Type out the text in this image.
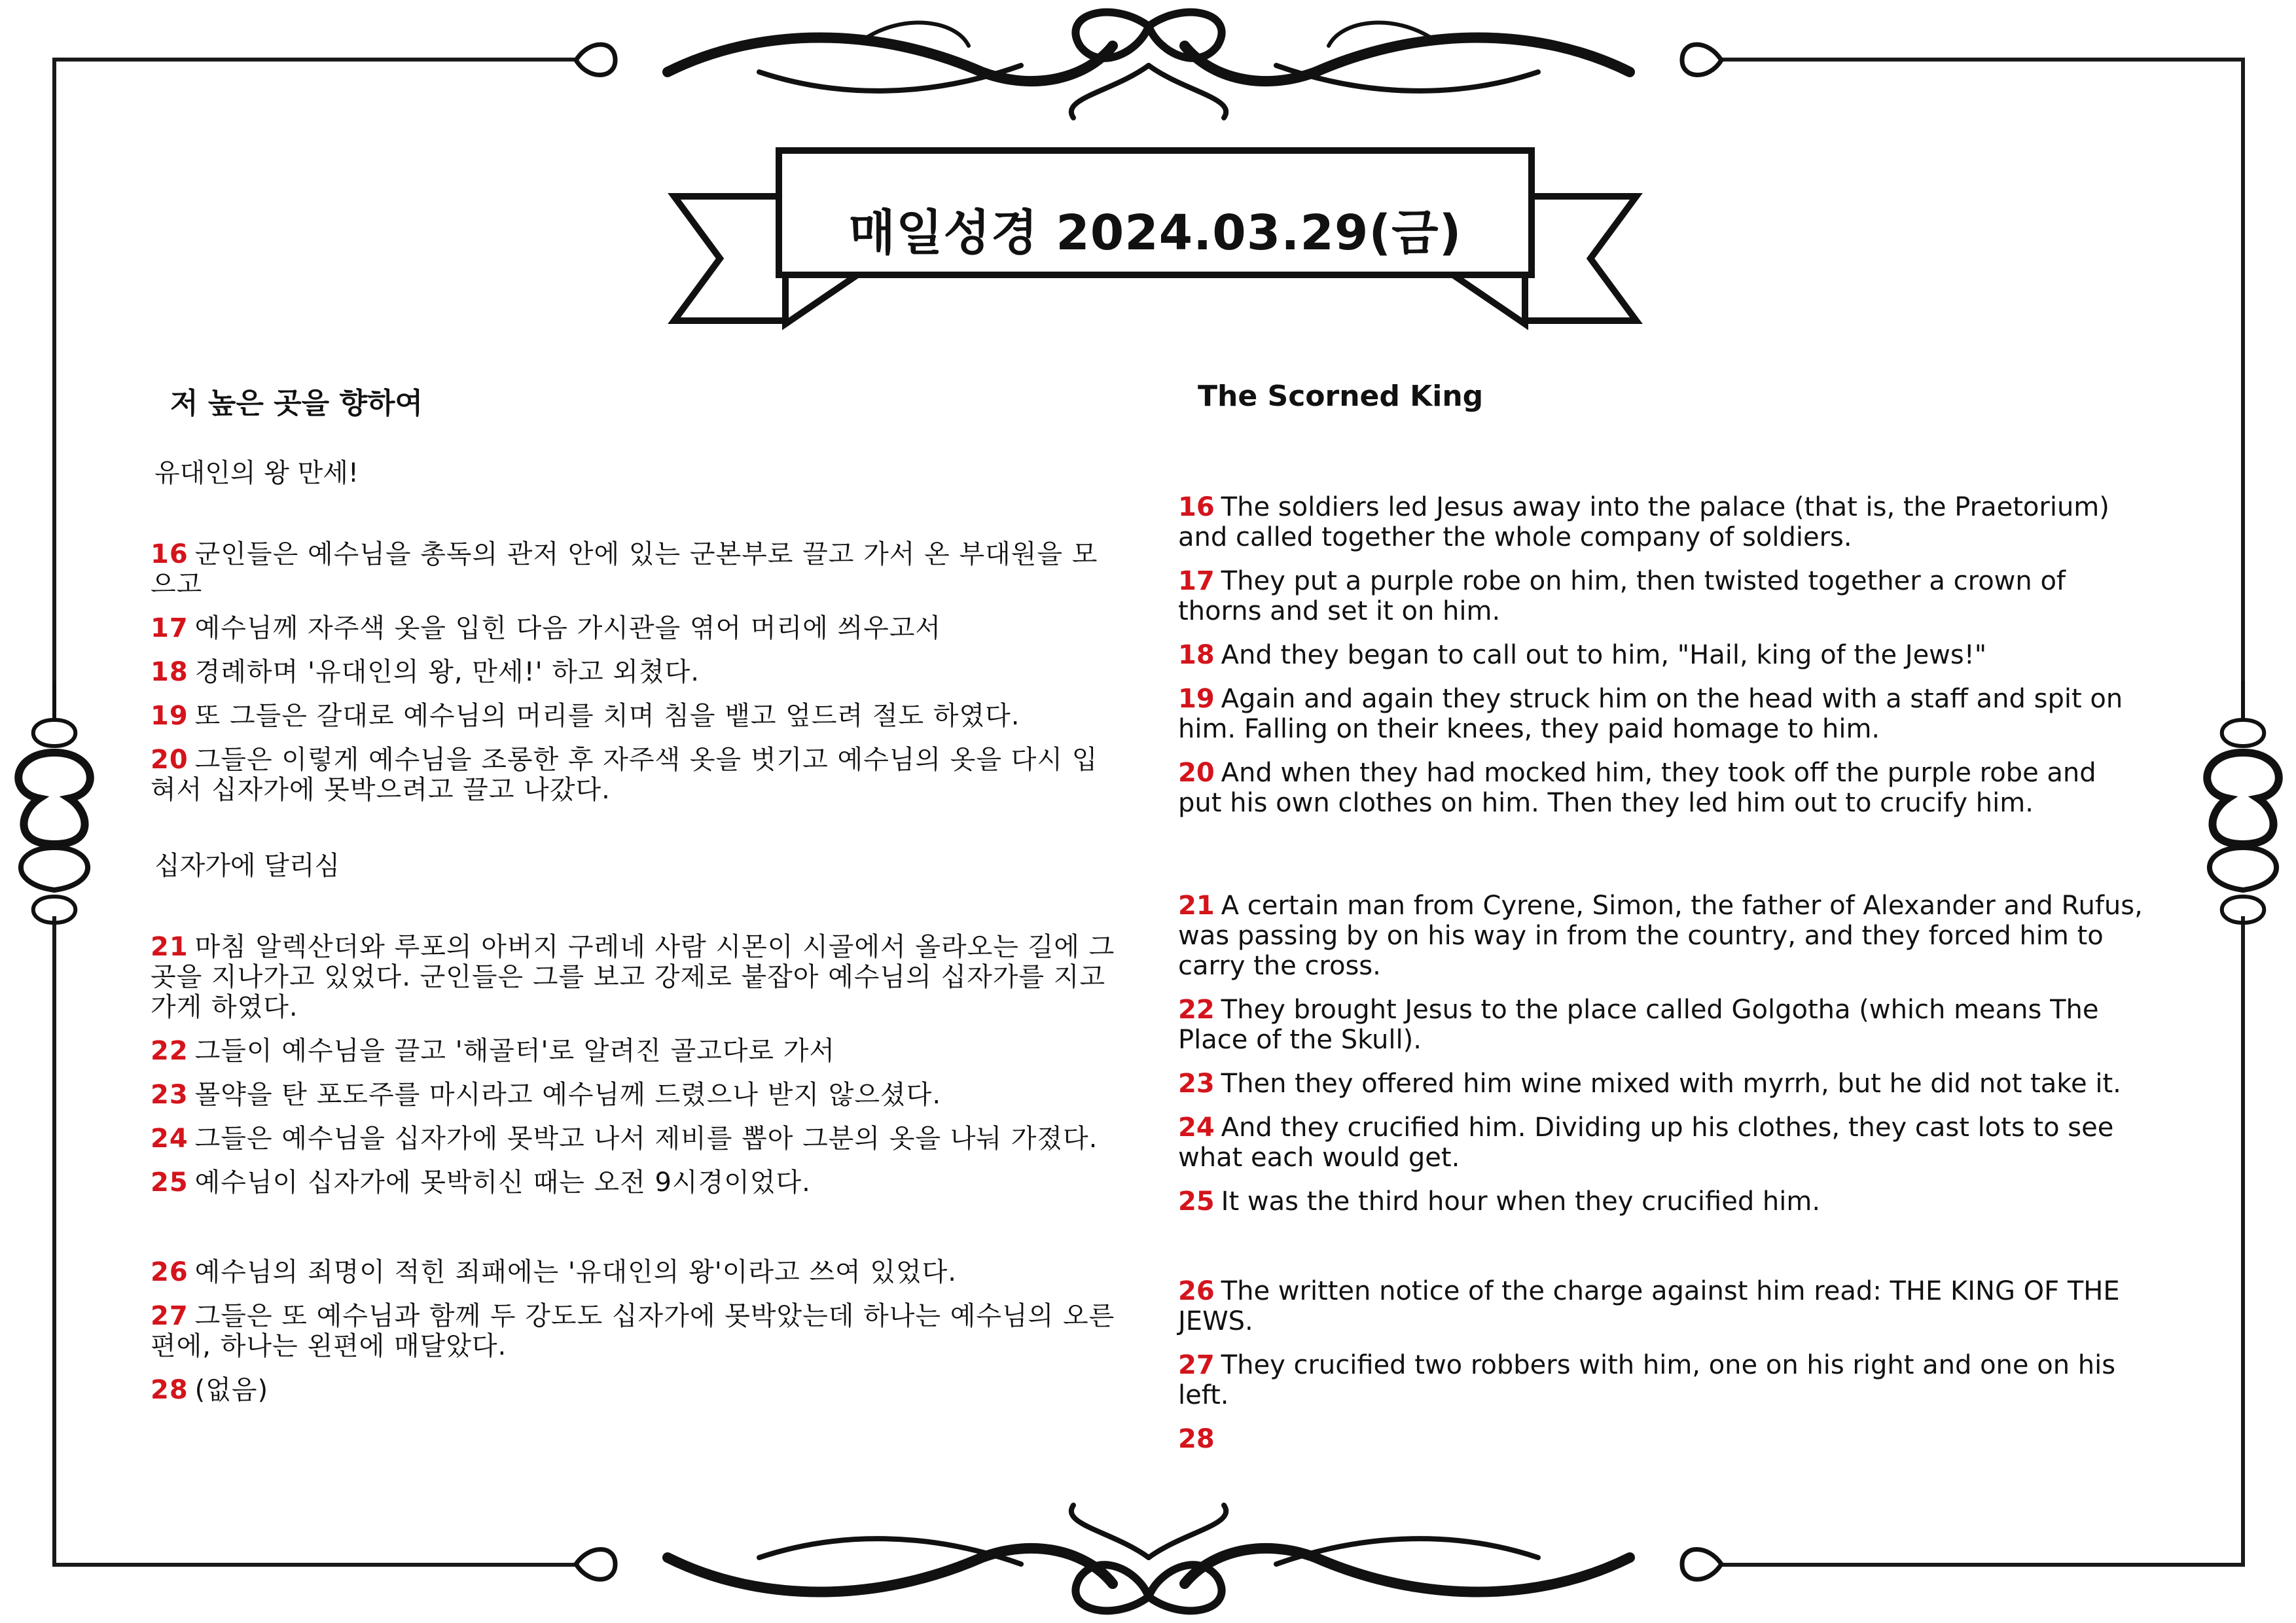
매일성경 2024.03.29(금)
저 높은 곳을 향하여
유대인의 왕 만세!
16 군인들은 예수님을 총독의 관저 안에 있는 군본부로 끌고 가서 온 부대원을 모으고
17 예수님께 자주색 옷을 입힌 다음 가시관을 엮어 머리에 씌우고서
18 경례하며 '유대인의 왕, 만세!' 하고 외쳤다.
19 또 그들은 갈대로 예수님의 머리를 치며 침을 뱉고 엎드려 절도 하였다.
20 그들은 이렇게 예수님을 조롱한 후 자주색 옷을 벗기고 예수님의 옷을 다시 입혀서 십자가에 못박으려고 끌고 나갔다.
십자가에 달리심
21 마침 알렉산더와 루포의 아버지 구레네 사람 시몬이 시골에서 올라오는 길에 그 곳을 지나가고 있었다. 군인들은 그를 보고 강제로 붙잡아 예수님의 십자가를 지고 가게 하였다.
22 그들이 예수님을 끌고 '해골터'로 알려진 골고다로 가서
23 몰약을 탄 포도주를 마시라고 예수님께 드렸으나 받지 않으셨다.
24 그들은 예수님을 십자가에 못박고 나서 제비를 뽑아 그분의 옷을 나눠 가졌다.
25 예수님이 십자가에 못박히신 때는 오전 9시경이었다.
26 예수님의 죄명이 적힌 죄패에는 '유대인의 왕'이라고 쓰여 있었다.
27 그들은 또 예수님과 함께 두 강도도 십자가에 못박았는데 하나는 예수님의 오른편에, 하나는 왼편에 매달았다.
28 (없음)
The Scorned King
16 The soldiers led Jesus away into the palace (that is, the Praetorium) and called together the whole company of soldiers.
17 They put a purple robe on him, then twisted together a crown of thorns and set it on him.
18 And they began to call out to him, "Hail, king of the Jews!"
19 Again and again they struck him on the head with a staff and spit on him. Falling on their knees, they paid homage to him.
20 And when they had mocked him, they took off the purple robe and put his own clothes on him. Then they led him out to crucify him.
21 A certain man from Cyrene, Simon, the father of Alexander and Rufus, was passing by on his way in from the country, and they forced him to carry the cross.
22 They brought Jesus to the place called Golgotha (which means The Place of the Skull).
23 Then they offered him wine mixed with myrrh, but he did not take it.
24 And they crucified him. Dividing up his clothes, they cast lots to see what each would get.
25 It was the third hour when they crucified him.
26 The written notice of the charge against him read: THE KING OF THE JEWS.
27 They crucified two robbers with him, one on his right and one on his left.
28
